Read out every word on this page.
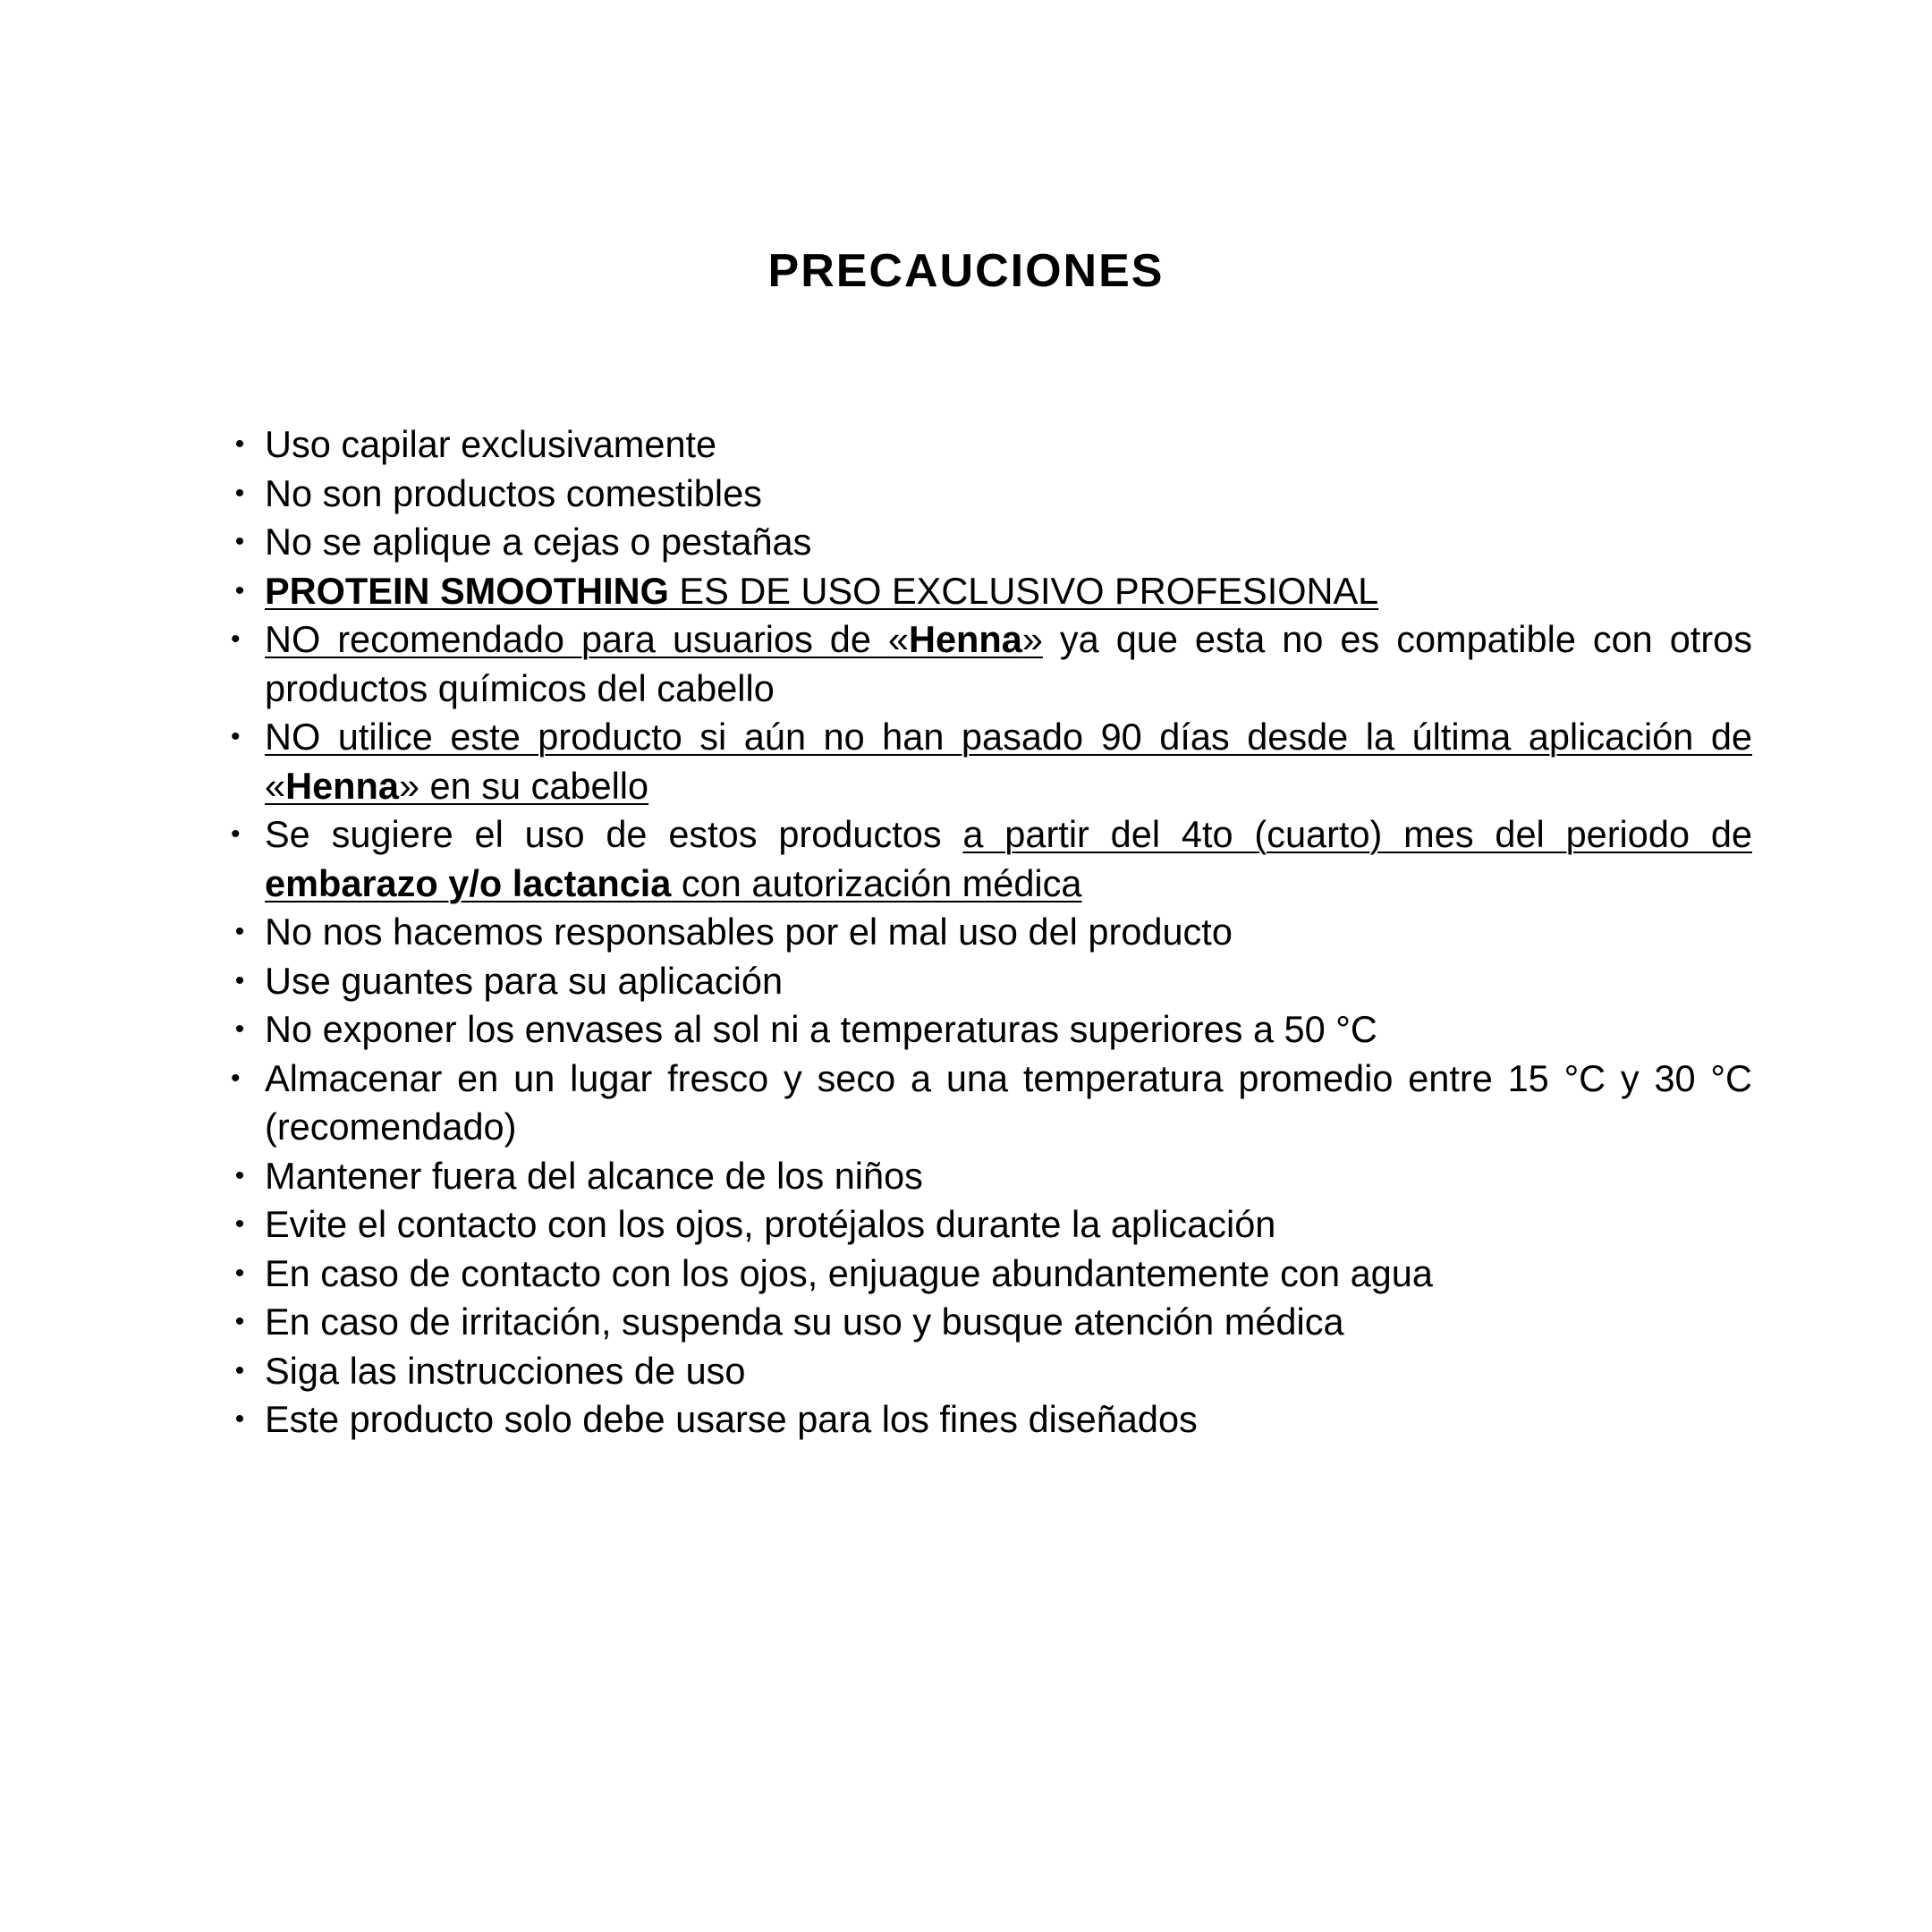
PRECAUCIONES
• Uso capilar exclusivamente
• No son productos comestibles
• No se aplique a cejas o pestañas
• PROTEIN SMOOTHING ES DE USO EXCLUSIVO PROFESIONAL
• NO recomendado para usuarios de «Henna» ya que esta no es compatible con otros productos químicos del cabello
• NO utilice este producto si aún no han pasado 90 días desde la última aplicación de «Henna» en su cabello
• Se sugiere el uso de estos productos a partir del 4to (cuarto) mes del periodo de embarazo y/o lactancia con autorización médica
• No nos hacemos responsables por el mal uso del producto
• Use guantes para su aplicación
• No exponer los envases al sol ni a temperaturas superiores a 50 °C
• Almacenar en un lugar fresco y seco a una temperatura promedio entre 15 °C y 30 °C (recomendado)
• Mantener fuera del alcance de los niños
• Evite el contacto con los ojos, protéjalos durante la aplicación
• En caso de contacto con los ojos, enjuague abundantemente con agua
• En caso de irritación, suspenda su uso y busque atención médica
• Siga las instrucciones de uso
• Este producto solo debe usarse para los fines diseñados
